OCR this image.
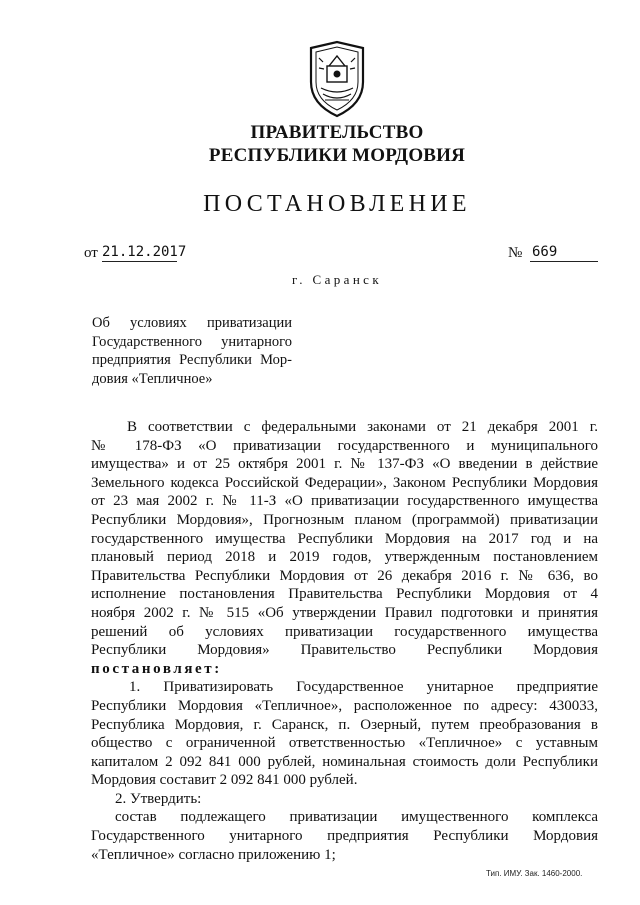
ПРАВИТЕЛЬСТВО
РЕСПУБЛИКИ МОРДОВИЯ
ПОСТАНОВЛЕНИЕ
от 21.12.2017	№ 669
г. Саранск
Об условиях приватизации
Государственного унитарного
предприятия Республики Мор-
довия «Тепличное»
В соответствии с федеральными законами от 21 декабря 2001 г.
№ 178-ФЗ «О приватизации государственного и муниципального
имущества» и от 25 октября 2001 г. № 137-ФЗ «О введении в действие
Земельного кодекса Российской Федерации», Законом Республики Мордовия
от 23 мая 2002 г. № 11-З «О приватизации государственного имущества
Республики Мордовия», Прогнозным планом (программой) приватизации
государственного имущества Республики Мордовия на 2017 год и на
плановый период 2018 и 2019 годов, утвержденным постановлением
Правительства Республики Мордовия от 26 декабря 2016 г. № 636, во
исполнение постановления Правительства Республики Мордовия от 4
ноября 2002 г. № 515 «Об утверждении Правил подготовки и принятия
решений об условиях приватизации государственного имущества
Республики Мордовия» Правительство Республики Мордовия
постановляет:
1. Приватизировать Государственное унитарное предприятие
Республики Мордовия «Тепличное», расположенное по адресу: 430033,
Республика Мордовия, г. Саранск, п. Озерный, путем преобразования в
общество с ограниченной ответственностью «Тепличное» с уставным
капиталом 2 092 841 000 рублей, номинальная стоимость доли Республики
Мордовия составит 2 092 841 000 рублей.
2. Утвердить:
состав подлежащего приватизации имущественного комплекса
Государственного унитарного предприятия Республики Мордовия
«Тепличное» согласно приложению 1;
Тип. ИМУ. Зак. 1460-2000.
